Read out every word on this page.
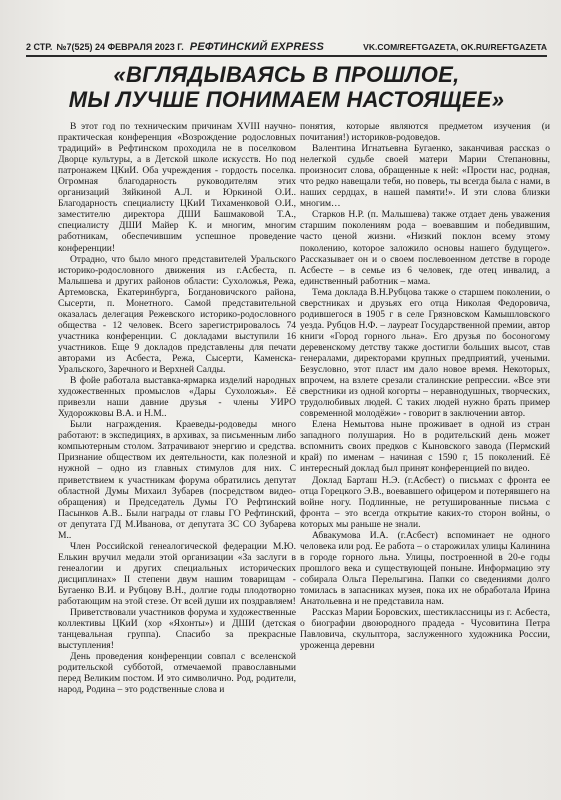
2 СТР. №7(525) 24 ФЕВРАЛЯ 2023 Г. РЕФТИНСКИЙ EXPRESS	VK.COM/REFTGAZETA, OK.RU/REFTGAZETA
«ВГЛЯДЫВАЯСЬ В ПРОШЛОЕ,
МЫ ЛУЧШЕ ПОНИМАЕМ НАСТОЯЩЕЕ»

В этот год по техническим причинам XVIII научно-практическая конференция «Возрождение родословных традиций» в Рефтинском проходила не в поселковом Дворце культуры, а в Детской школе искусств. Но под патронажем ЦКиИ. Оба учреждения - гордость поселка. Огромная благодарность руководителям этих организаций Зяйкиной А.Л. и Юркиной О.И.. Благодарность специалисту ЦКиИ Тихаменковой О.И., заместителю директора ДШИ Башмаковой Т.А., специалисту ДШИ Майер К. и многим, многим работникам, обеспечившим успешное проведение конференции!

Отрадно, что было много представителей Уральского историко-родословного движения из г.Асбеста, п. Малышева и других районов области: Сухоложья, Режа, Артемовска, Екатеринбурга, Богдановичского района, Сысерти, п. Монетного. Самой представительной оказалась делегация Режевского историко-родословного общества - 12 человек. Всего зарегистрировалось 74 участника конференции. С докладами выступили 16 участников. Еще 9 докладов представлены для печати авторами из Асбеста, Режа, Сысерти, Каменска-Уральского, Заречного и Верхней Салды.

В фойе работала выставка-ярмарка изделий народных художественных промыслов «Дары Сухоложья». Её привезли наши давние друзья - члены УИРО Худорожковы В.А. и Н.М..

Были награждения. Краеведы-родоведы много работают: в экспедициях, в архивах, за письменным либо компьютерным столом. Затрачивают энергию и средства. Признание обществом их деятельности, как полезной и нужной – одно из главных стимулов для них. С приветствием к участникам форума обратились депутат областной Думы Михаил Зубарев (посредством видео-обращения) и Председатель Думы ГО Рефтинский Пасынков А.В.. Были награды от главы ГО Рефтинский, от депутата ГД М.Иванова, от депутата ЗС СО Зубарева М..

Член Российской генеалогической федерации М.Ю. Елькин вручил медали этой организации «За заслуги в генеалогии и других специальных исторических дисциплинах» II степени двум нашим товарищам - Бугаенко В.И. и Рубцову В.Н., долгие годы плодотворно работающим на этой стезе. От всей души их поздравляем!

Приветствовали участников форума и художественные коллективы ЦКиИ (хор «Яхонты») и ДШИ (детская танцевальная группа). Спасибо за прекрасные выступления!

День проведения конференции совпал с вселенской родительской субботой, отмечаемой православными перед Великим постом. И это символично. Род, родители, народ, Родина – это родственные слова и

понятия, которые являются предметом изучения (и почитания!) историков-родоведов.

Валентина Игнатьевна Бугаенко, заканчивая рассказ о нелегкой судьбе своей матери Марии Степановны, произносит слова, обращенные к ней: «Прости нас, родная, что редко навещали тебя, но поверь, ты всегда была с нами, в наших сердцах, в нашей памяти!». И эти слова близки многим…

Старков Н.Р. (п. Малышева) также отдает день уважения старшим поколениям рода – воевавшим и победившим, часто ценой жизни. «Низкий поклон всему этому поколению, которое заложило основы нашего будущего». Рассказывает он и о своем послевоенном детстве в городе Асбесте – в семье из 6 человек, где отец инвалид, а единственный работник – мама.

Тема доклада В.Н.Рубцова также о старшем поколении, о сверстниках и друзьях его отца Николая Федоровича, родившегося в 1905 г в селе Грязновском Камышловского уезда. Рубцов Н.Ф. – лауреат Государственной премии, автор книги «Город горного льна». Его друзья по босоногому деревенскому детству также достигли больших высот, став генералами, директорами крупных предприятий, учеными. Безусловно, этот пласт им дало новое время. Некоторых, впрочем, на взлете срезали сталинские репрессии. «Все эти сверстники из одной когорты – неравнодушных, творческих, трудолюбивых людей. С таких людей нужно брать пример современной молодёжи» - говорит в заключении автор.

Елена Немытова ныне проживает в одной из стран западного полушария. Но в родительский день может вспомнить своих предков с Кыновского завода (Пермский край) по именам – начиная с 1590 г, 15 поколений. Её интересный доклад был принят конференцией по видео.

Доклад Барташ Н.Э. (г.Асбест) о письмах с фронта ее отца Горецкого Э.В., воевавшего офицером и потерявшего на войне ногу. Подлинные, не ретушированные письма с фронта – это всегда открытие каких-то сторон войны, о которых мы раньше не знали.

Абвакумова И.А. (г.Асбест) вспоминает не одного человека или род. Ее работа – о старожилах улицы Калинина в городе горного льна. Улицы, построенной в 20-е годы прошлого века и существующей поныне. Информацию эту собирала Ольга Перелыгина. Папки со сведениями долго томилась в запасниках музея, пока их не обработала Ирина Анатольевна и не представила нам.

Рассказ Марии Боровских, шестиклассницы из г. Асбеста, о биографии двоюродного прадеда - Чусовитина Петра Павловича, скульптора, заслуженного художника России, уроженца деревни
